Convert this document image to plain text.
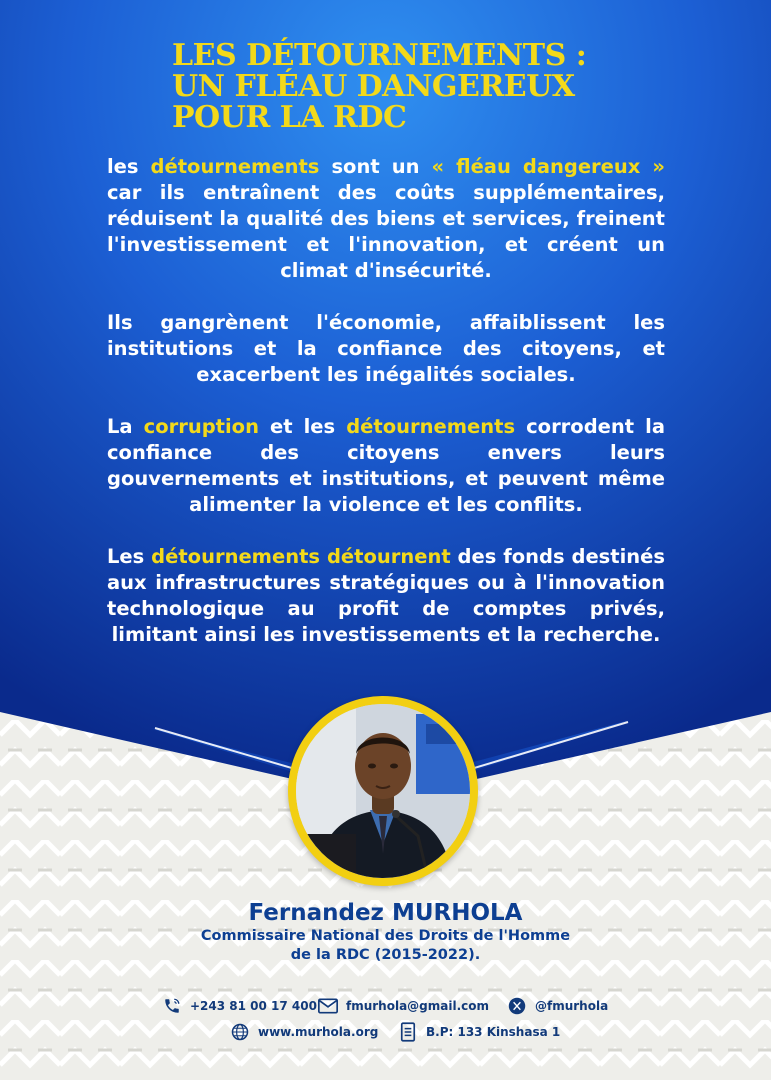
LES DÉTOURNEMENTS :
UN FLÉAU DANGEREUX
POUR LA RDC

les détournements sont un « fléau dangereux » car ils entraînent des coûts supplémentaires, réduisent la qualité des biens et services, freinent l'investissement et l'innovation, et créent un climat d'insécurité.

Ils gangrènent l'économie, affaiblissent les institutions et la confiance des citoyens, et exacerbent les inégalités sociales.

La corruption et les détournements corrodent la confiance des citoyens envers leurs gouvernements et institutions, et peuvent même alimenter la violence et les conflits.

Les détournements détournent des fonds destinés aux infrastructures stratégiques ou à l'innovation technologique au profit de comptes privés, limitant ainsi les investissements et la recherche.

Fernandez MURHOLA
Commissaire National des Droits de l'Homme
de la RDC (2015-2022).
+243 81 00 17 400 fmurhola@gmail.com	@fmurhola
www.murhola.org	B.P: 133 Kinshasa 1
